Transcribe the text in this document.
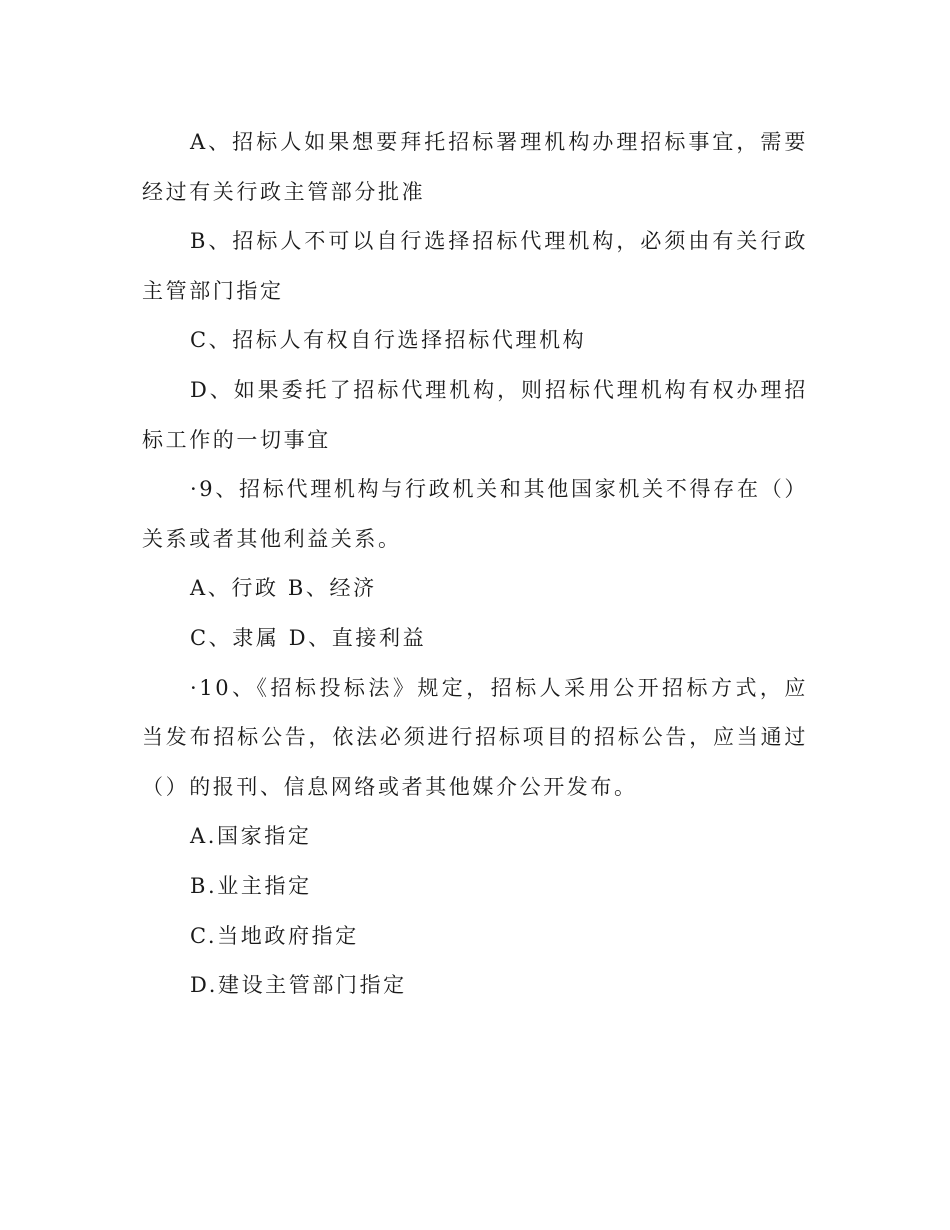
A、招标人如果想要拜托招标署理机构办理招标事宜，需要经过有关行政主管部分批准

B、招标人不可以自行选择招标代理机构，必须由有关行政主管部门指定

C、招标人有权自行选择招标代理机构

D、如果委托了招标代理机构，则招标代理机构有权办理招标工作的一切事宜

·9、招标代理机构与行政机关和其他国家机关不得存在（）关系或者其他利益关系。

A、行政 B、经济

C、隶属 D、直接利益

·10、《招标投标法》规定，招标人采用公开招标方式，应当发布招标公告，依法必须进行招标项目的招标公告，应当通过（）的报刊、信息网络或者其他媒介公开发布。

A.国家指定

B.业主指定

C.当地政府指定

D.建设主管部门指定
